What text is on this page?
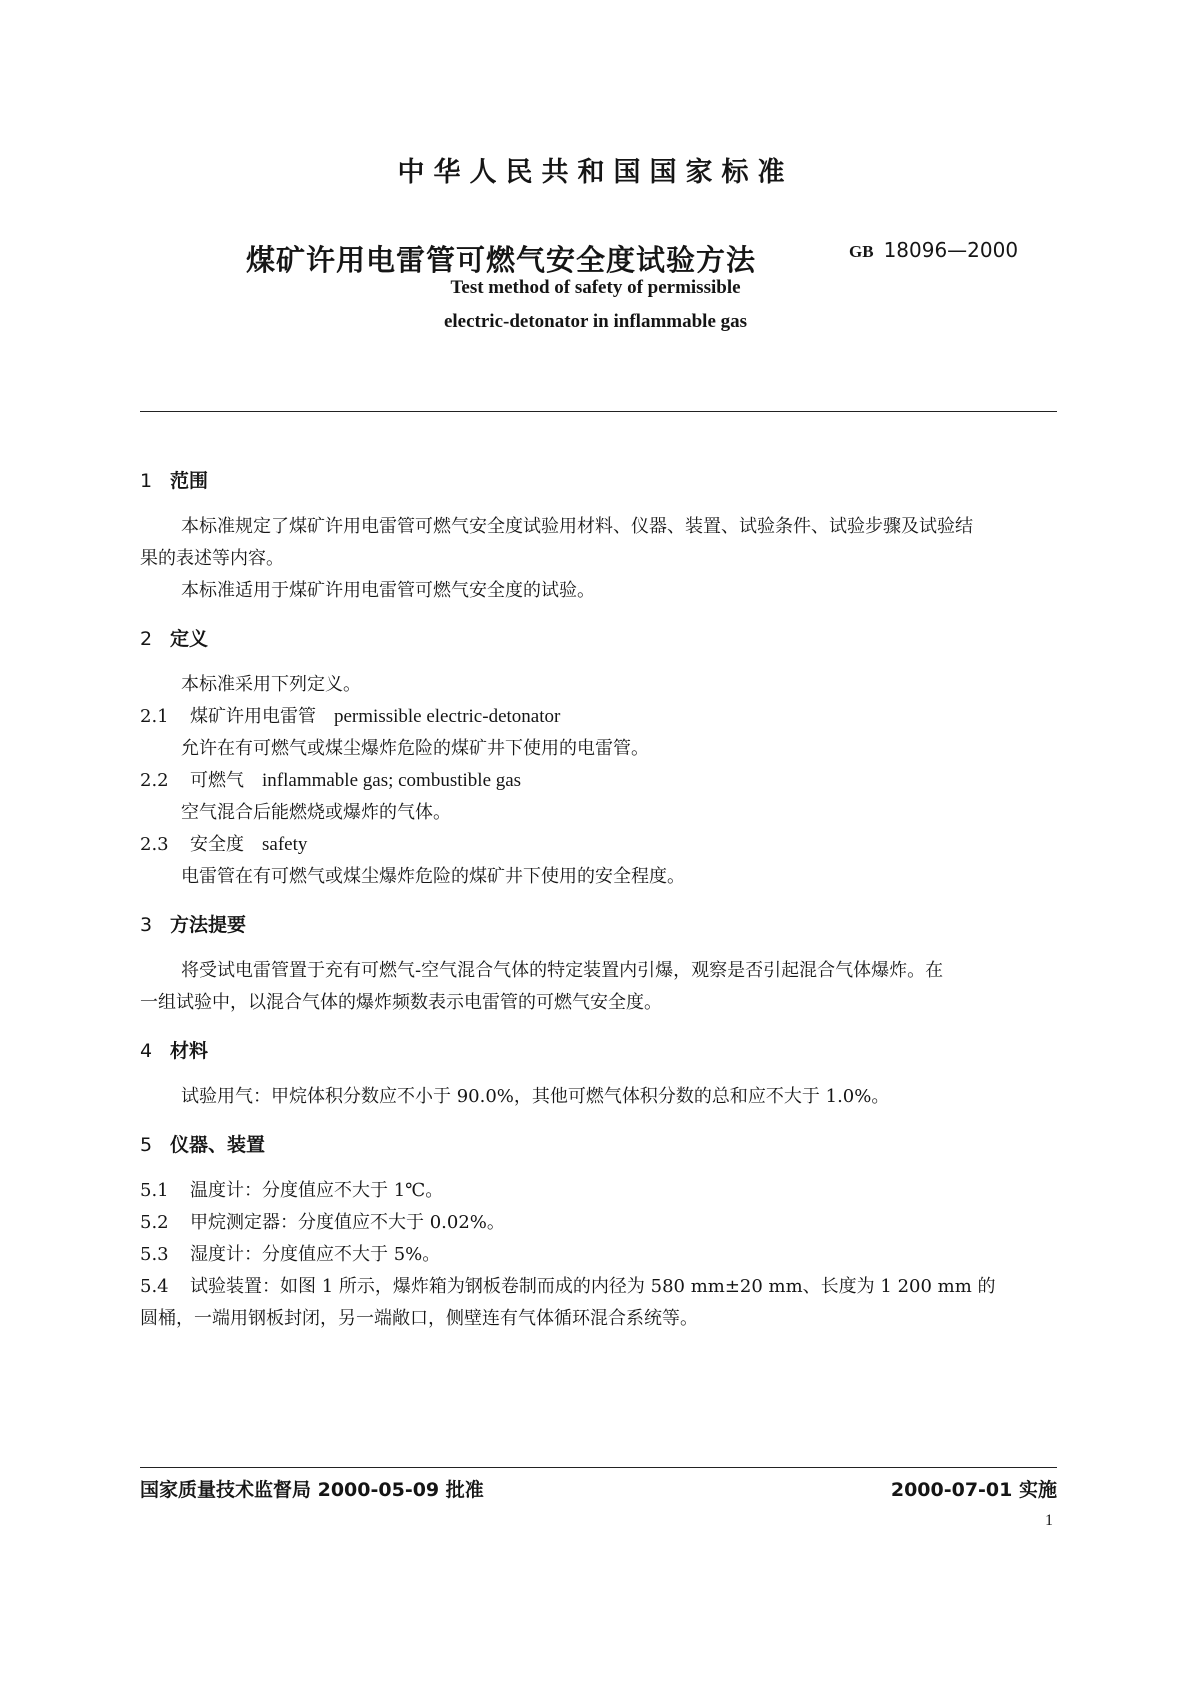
中华人民共和国国家标准
煤矿许用电雷管可燃气安全度试验方法	GB 18096—2000
Test method of safety of permissible
electric-detonator in inflammable gas
1 范围
本标准规定了煤矿许用电雷管可燃气安全度试验用材料、仪器、装置、试验条件、试验步骤及试验结
果的表述等内容。
本标准适用于煤矿许用电雷管可燃气安全度的试验。
2 定义
本标准采用下列定义。
2.1 煤矿许用电雷管 permissible electric-detonator
允许在有可燃气或煤尘爆炸危险的煤矿井下使用的电雷管。
2.2 可燃气 inflammable gas; combustible gas
空气混合后能燃烧或爆炸的气体。
2.3 安全度 safety
电雷管在有可燃气或煤尘爆炸危险的煤矿井下使用的安全程度。
3 方法提要
将受试电雷管置于充有可燃气-空气混合气体的特定装置内引爆，观察是否引起混合气体爆炸。在
一组试验中，以混合气体的爆炸频数表示电雷管的可燃气安全度。
4 材料
试验用气：甲烷体积分数应不小于 90.0%，其他可燃气体积分数的总和应不大于 1.0%。
5 仪器、装置
5.1 温度计：分度值应不大于 1℃。
5.2 甲烷测定器：分度值应不大于 0.02%。
5.3 湿度计：分度值应不大于 5%。
5.4 试验装置：如图 1 所示，爆炸箱为钢板卷制而成的内径为 580 mm±20 mm、长度为 1 200 mm 的
圆桶，一端用钢板封闭，另一端敞口，侧壁连有气体循环混合系统等。
国家质量技术监督局 2000-05-09 批准	2000-07-01 实施
1
